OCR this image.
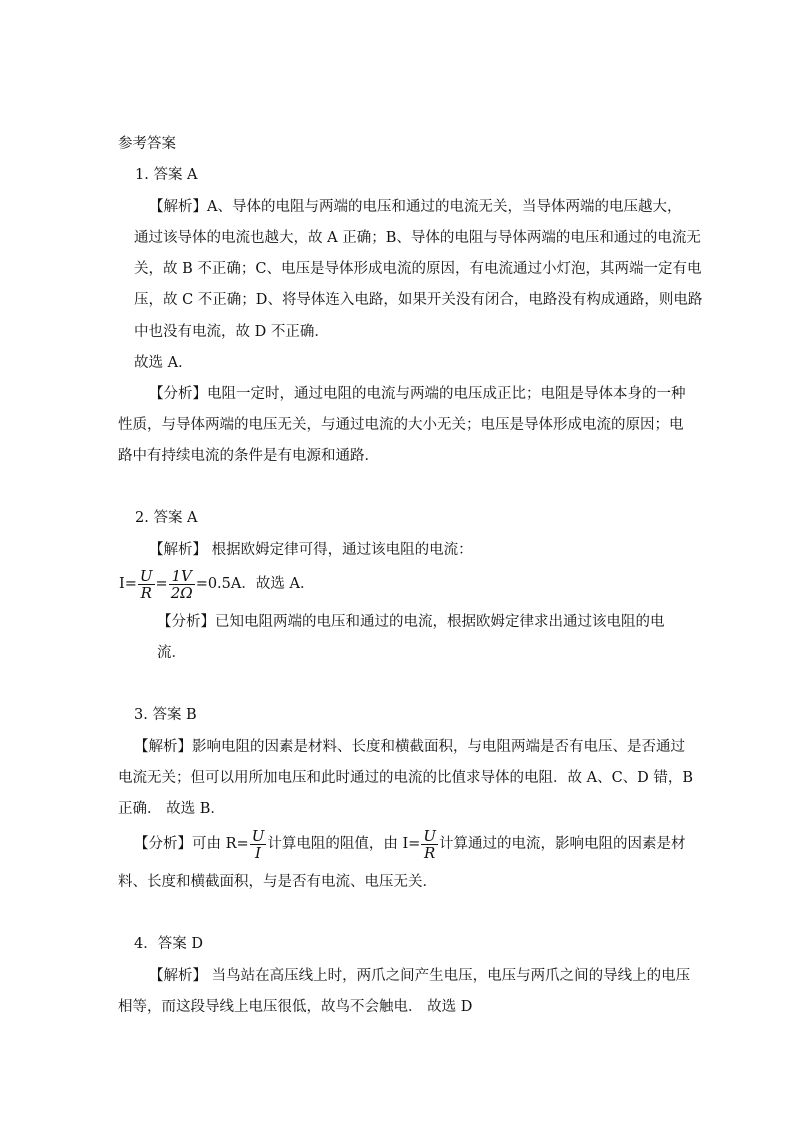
参考答案
1. 答案 A
【解析】A、导体的电阻与两端的电压和通过的电流无关，当导体两端的电压越大，
通过该导体的电流也越大，故 A 正确；B、导体的电阻与导体两端的电压和通过的电流无
关，故 B 不正确；C、电压是导体形成电流的原因，有电流通过小灯泡，其两端一定有电
压，故 C 不正确；D、将导体连入电路，如果开关没有闭合，电路没有构成通路，则电路
中也没有电流，故 D 不正确．
故选 A．
【分析】电阻一定时，通过电阻的电流与两端的电压成正比；电阻是导体本身的一种
性质，与导体两端的电压无关，与通过电流的大小无关；电压是导体形成电流的原因；电
路中有持续电流的条件是有电源和通路．
2. 答案 A
【解析】 根据欧姆定律可得，通过该电阻的电流：
$I= \frac{U}{R} = \frac{1V}{2\Omega} =0.5A$．故选 A．
【分析】已知电阻两端的电压和通过的电流，根据欧姆定律求出通过该电阻的电
流．
3. 答案 B
【解析】影响电阻的因素是材料、长度和横截面积，与电阻两端是否有电压、是否通过
电流无关；但可以用所加电压和此时通过的电流的比值求导体的电阻．故 A、C、D 错，B
正确． 故选 B．
【分析】可由 $R= \frac{U}{I}$ 计算电阻的阻值，由 $I= \frac{U}{R}$ 计算通过的电流，影响电阻的因素是材
料、长度和横截面积，与是否有电流、电压无关．
4．答案 D
【解析】 当鸟站在高压线上时，两爪之间产生电压，电压与两爪之间的导线上的电压
相等，而这段导线上电压很低，故鸟不会触电． 故选 D
